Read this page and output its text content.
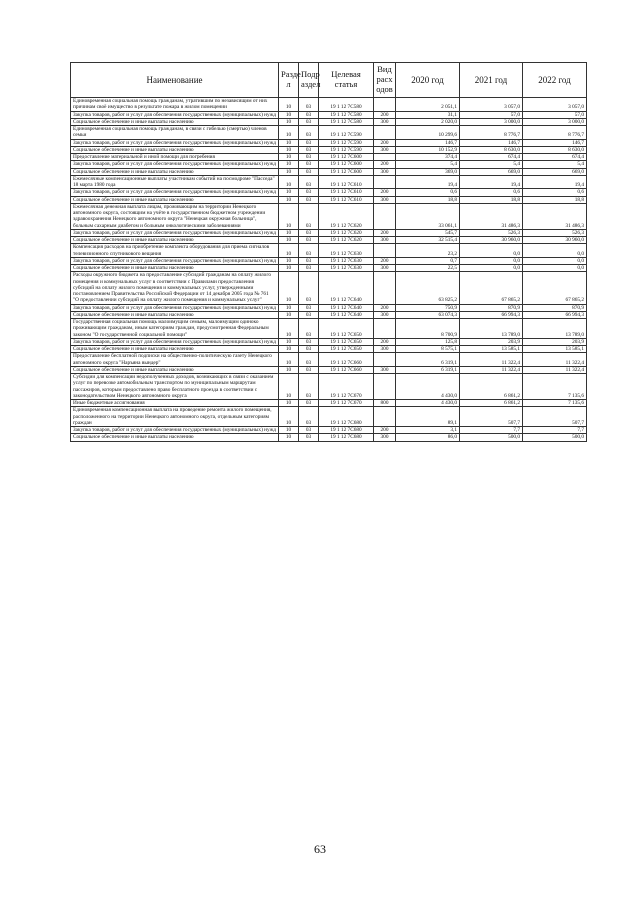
Наименование	Разде л	Подр аздел	Целевая статья	Вид расх одов	2020 год	2021 год	2022 год
Единовременная социальная помощь гражданам, утратившим по независящим от них причинам своё имущество в результате пожара в жилом помещении	10	03	19 1 12 7С580		2 051,1	3 057,0	3 057,0
Закупка товаров, работ и услуг для обеспечения государственных (муниципальных) нужд	10	03	19 1 12 7С580	200	31,1	57,0	57,0
Социальное обеспечение и иные выплаты населению	10	03	19 1 12 7С580	300	2 020,0	3 000,0	3 000,0
Единовременная социальная помощь гражданам, в связи с гибелью (смертью) членов семьи	10	03	19 1 12 7С590		10 299,6	8 776,7	8 776,7
Закупка товаров, работ и услуг для обеспечения государственных (муниципальных) нужд	10	03	19 1 12 7С590	200	146,7	146,7	146,7
Социальное обеспечение и иные выплаты населению	10	03	19 1 12 7С590	300	10 152,9	8 630,0	8 630,0
Предоставление материальной и иной помощи для погребения	10	03	19 1 12 7С600		374,4	674,4	674,4
Закупка товаров, работ и услуг для обеспечения государственных (муниципальных) нужд	10	03	19 1 12 7С600	200	5,4	5,4	5,4
Социальное обеспечение и иные выплаты населению	10	03	19 1 12 7С600	300	369,0	669,0	669,0
Ежемесячные компенсационные выплаты участникам событий на посмодроме "Пасседа" 18 марта 1980 года	10	03	19 1 12 7С610		19,4	19,4	19,4
Закупка товаров, работ и услуг для обеспечения государственных (муниципальных) нужд	10	03	19 1 12 7С610	200	0,6	0,6	0,6
Социальное обеспечение и иные выплаты населению	10	03	19 1 12 7С610	300	18,8	18,8	18,8
Ежемесячная денежная выплата лицам, проживающим на территории Ненецкого автономного округа, состоящим на учёте в государственном бюджетном учреждении здравоохранения Ненецкого автономного округа "Ненецкая окружная больница", больным сахарным диабетом и больным онкологическими заболеваниями	10	03	19 1 12 7С620		33 061,1	31 486,3	31 486,3
Закупка товаров, работ и услуг для обеспечения государственных (муниципальных) нужд	10	03	19 1 12 7С620	200	545,7	526,3	526,3
Социальное обеспечение и иные выплаты населению	10	03	19 1 12 7С620	300	32 515,4	30 960,0	30 960,0
Компенсация расходов на приобретение комплекта оборудования для приема сигналов телевизионного спутникового вещания	10	03	19 1 12 7С630		23,2	0,0	0,0
Закупка товаров, работ и услуг для обеспечения государственных (муниципальных) нужд	10	03	19 1 12 7С630	200	0,7	0,0	0,0
Социальное обеспечение и иные выплаты населению	10	03	19 1 12 7С630	300	22,5	0,0	0,0
Расходы окружного бюджета на предоставление субсидий гражданам на оплату жилого помещения и коммунальных услуг в соответствии с Правилами предоставления субсидий на оплату жилого помещения и коммунальных услуг, утвержденными постановлением Правительства Российской Федерации от 14 декабря 2005 года № 761 "О предоставлении субсидий на оплату жилого помещения и коммунальных услуг"	10	03	19 1 12 7С640		63 825,2	67 865,2	67 865,2
Закупка товаров, работ и услуг для обеспечения государственных (муниципальных) нужд	10	03	19 1 12 7С640	200	750,9	870,9	870,9
Социальное обеспечение и иные выплаты населению	10	03	19 1 12 7С640	300	63 074,3	66 994,3	66 994,3
Государственная социальная помощь малоимущим семьям, малоимущим одиноко проживающим гражданам, иным категориям граждан, предусмотренная Федеральным законом "О государственной социальной помощи"	10	03	19 1 12 7С650		8 700,9	13 789,0	13 789,0
Закупка товаров, работ и услуг для обеспечения государственных (муниципальных) нужд	10	03	19 1 12 7С650	200	125,8	203,9	203,9
Социальное обеспечение и иные выплаты населению	10	03	19 1 12 7С650	300	8 575,1	13 585,1	13 585,1
Предоставление бесплатной подписки на общественно-политическую газету Ненецкого автономного округа "Наръяна вындер"	10	03	19 1 12 7С660		6 319,1	11 322,4	11 322,4
Социальное обеспечение и иные выплаты населению	10	03	19 1 12 7С660	300	6 319,1	11 322,4	11 322,4
Субсидии для компенсации недополученных доходов, возникающих в связи с оказанием услуг по перевозке автомобильным транспортом по муниципальным маршрутам пассажиров, которым предоставлено право бесплатного проезда в соответствии с законодательством Ненецкого автономного округа	10	03	19 1 12 7С670		4 430,0	6 861,2	7 135,6
Иные бюджетные ассигнования	10	03	19 1 12 7С670	800	4 430,0	6 861,2	7 135,6
Единовременная компенсационная выплата на проведение ремонта жилого помещения, расположенного на территории Ненецкого автономного округа, отдельным категориям граждан	10	03	19 1 12 7С680		89,1	507,7	507,7
Закупка товаров, работ и услуг для обеспечения государственных (муниципальных) нужд	10	03	19 1 12 7С680	200	3,1	7,7	7,7
Социальное обеспечение и иные выплаты населению	10	03	19 1 12 7С680	300	86,0	500,0	500,0
63
